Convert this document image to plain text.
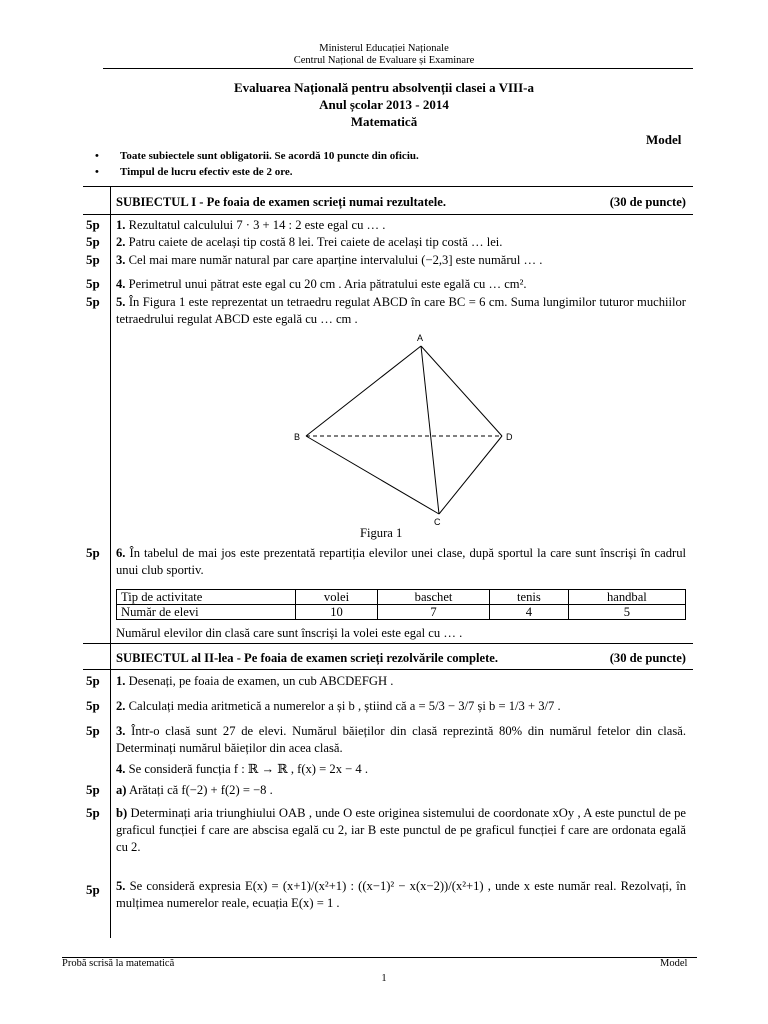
Ministerul Educației Naționale
Centrul Național de Evaluare și Examinare
Evaluarea Națională pentru absolvenții clasei a VIII-a
Anul școlar 2013 - 2014
Matematică
Model
• Toate subiectele sunt obligatorii. Se acordă 10 puncte din oficiu.
• Timpul de lucru efectiv este de 2 ore.
SUBIECTUL I - Pe foaia de examen scrieți numai rezultatele.	(30 de puncte)
5p 1. Rezultatul calculului 7 · 3 + 14 : 2 este egal cu … .
5p 2. Patru caiete de același tip costă 8 lei. Trei caiete de același tip costă … lei.
5p 3. Cel mai mare număr natural par care aparține intervalului (−2,3] este numărul … .
5p 4. Perimetrul unui pătrat este egal cu 20 cm . Aria pătratului este egală cu … cm².
5p 5. În Figura 1 este reprezentat un tetraedru regulat ABCD în care BC = 6 cm. Suma lungimilor tuturor muchiilor tetraedrului regulat ABCD este egală cu … cm .
A
B	D
C
Figura 1
5p 6. În tabelul de mai jos este prezentată repartiția elevilor unei clase, după sportul la care sunt înscriși în cadrul unui club sportiv.
Tip de activitate	volei	baschet	tenis	handbal
Număr de elevi	10	7	4	5
Numărul elevilor din clasă care sunt înscriși la volei este egal cu … .
SUBIECTUL al II-lea - Pe foaia de examen scrieți rezolvările complete.	(30 de puncte)
5p 1. Desenați, pe foaia de examen, un cub ABCDEFGH .
5p 2. Calculați media aritmetică a numerelor a și b , știind că a = 5/3 − 3/7 și b = 1/3 + 3/7 .
5p 3. Într-o clasă sunt 27 de elevi. Numărul băieților din clasă reprezintă 80% din numărul fetelor din clasă. Determinați numărul băieților din acea clasă.
4. Se consideră funcția f : ℝ → ℝ , f(x) = 2x − 4 .
5p a) Arătați că f(−2) + f(2) = −8 .
5p b) Determinați aria triunghiului OAB , unde O este originea sistemului de coordonate xOy , A este punctul de pe graficul funcției f care are abscisa egală cu 2, iar B este punctul de pe graficul funcției f care are ordonata egală cu 2.
5p 5. Se consideră expresia E(x) = (x+1)/(x²+1) : ((x−1)² − x(x−2))/(x²+1) , unde x este număr real. Rezolvați, în mulțimea numerelor reale, ecuația E(x) = 1 .
Probă scrisă la matematică	Model
1
